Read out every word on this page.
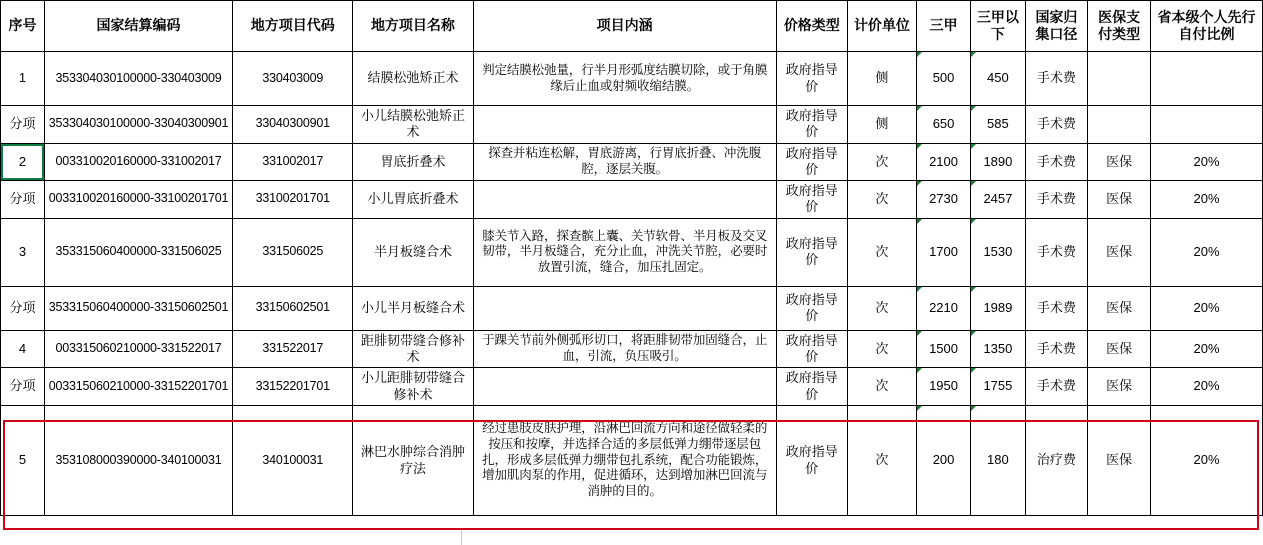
序号	国家结算编码	地方项目代码	地方项目名称	项目内涵	价格类型	计价单位	三甲	三甲以下	国家归集口径	医保支付类型	省本级个人先行自付比例
1	353304030100000-330403009	330403009	结膜松弛矫正术	判定结膜松弛量，行半月形弧度结膜切除，或于角膜缘后止血或射频收缩结膜。	政府指导价	侧	500	450	手术费		
分项	353304030100000-33040300901	33040300901	小儿结膜松弛矫正术		政府指导价	侧	650	585	手术费		
2	003310020160000-331002017	331002017	胃底折叠术	探查并粘连松解，胃底游离，行胃底折叠、冲洗腹腔，逐层关腹。	政府指导价	次	2100	1890	手术费	医保	20%
分项	003310020160000-33100201701	33100201701	小儿胃底折叠术		政府指导价	次	2730	2457	手术费	医保	20%
3	353315060400000-331506025	331506025	半月板缝合术	膝关节入路，探查髌上囊、关节软骨、半月板及交叉韧带，半月板缝合，充分止血，冲洗关节腔，必要时放置引流，缝合，加压扎固定。	政府指导价	次	1700	1530	手术费	医保	20%
分项	353315060400000-33150602501	33150602501	小儿半月板缝合术		政府指导价	次	2210	1989	手术费	医保	20%
4	003315060210000-331522017	331522017	距腓韧带缝合修补术	于踝关节前外侧弧形切口，将距腓韧带加固缝合，止血，引流，负压吸引。	政府指导价	次	1500	1350	手术费	医保	20%
分项	003315060210000-33152201701	33152201701	小儿距腓韧带缝合修补术		政府指导价	次	1950	1755	手术费	医保	20%
5	353108000390000-340100031	340100031	淋巴水肿综合消肿疗法	经过患肢皮肤护理，沿淋巴回流方向和途径做轻柔的按压和按摩，并选择合适的多层低弹力绷带逐层包扎，形成多层低弹力绷带包扎系统，配合功能锻炼，增加肌肉泵的作用，促进循环，达到增加淋巴回流与消肿的目的。	政府指导价	次	200	180	治疗费	医保	20%
